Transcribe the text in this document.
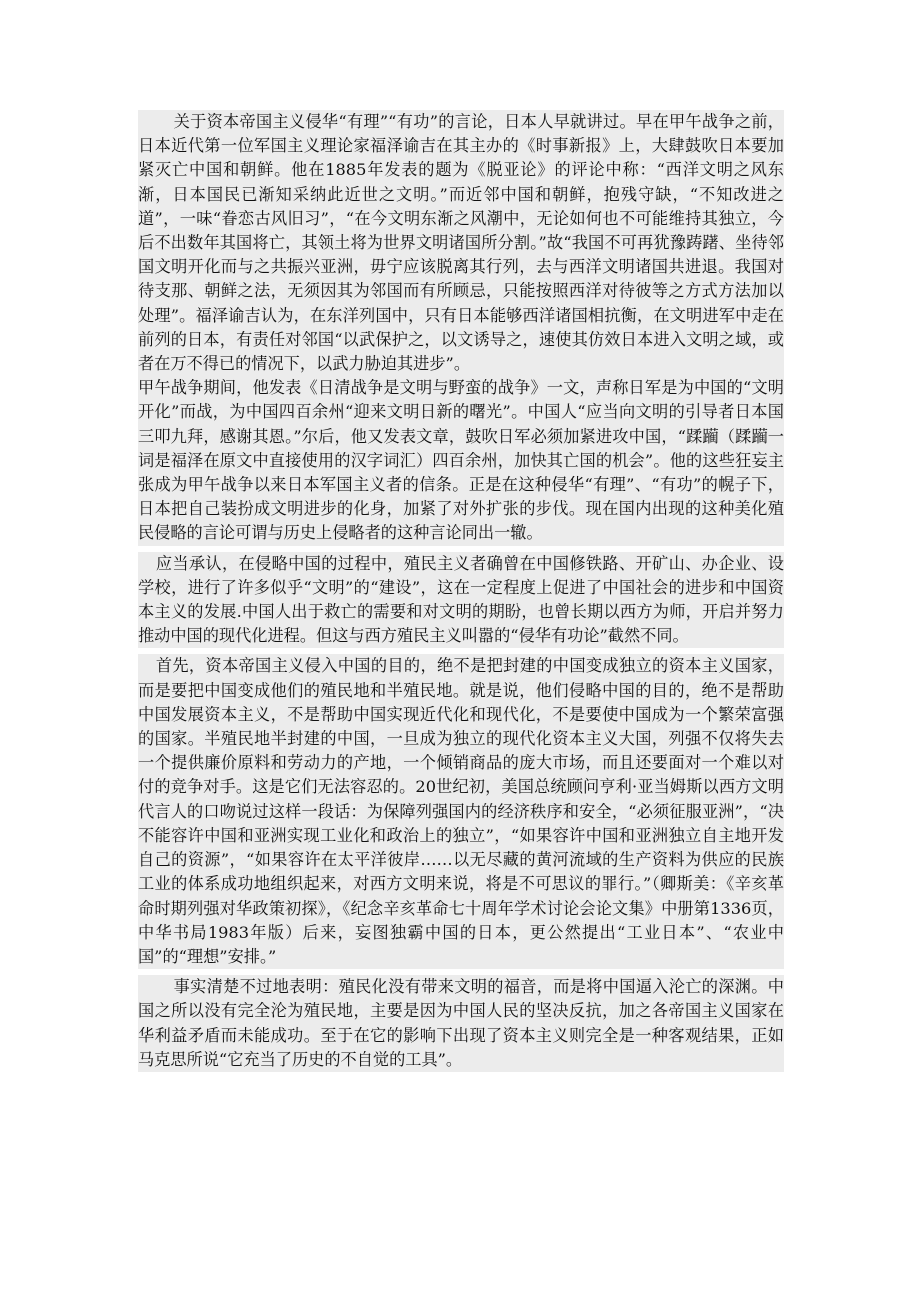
关于资本帝国主义侵华“有理”“有功”的言论，日本人早就讲过。早在甲午战争之前，日本近代第一位军国主义理论家福泽谕吉在其主办的《时事新报》上，大肆鼓吹日本要加紧灭亡中国和朝鲜。他在1885年发表的题为《脱亚论》的评论中称：“西洋文明之风东渐，日本国民已渐知采纳此近世之文明。”而近邻中国和朝鲜，抱残守缺，“不知改进之道”，一味“眷恋古风旧习”，“在今文明东渐之风潮中，无论如何也不可能维持其独立，今后不出数年其国将亡，其领土将为世界文明诸国所分割。”故“我国不可再犹豫踌躇、坐待邻国文明开化而与之共振兴亚洲，毋宁应该脱离其行列，去与西洋文明诸国共进退。我国对待支那、朝鲜之法，无须因其为邻国而有所顾忌，只能按照西洋对待彼等之方式方法加以处理”。福泽谕吉认为，在东洋列国中，只有日本能够西洋诸国相抗衡，在文明进军中走在前列的日本，有责任对邻国“以武保护之，以文诱导之，速使其仿效日本进入文明之域，或者在万不得已的情况下，以武力胁迫其进步”。

甲午战争期间，他发表《日清战争是文明与野蛮的战争》一文，声称日军是为中国的“文明开化”而战，为中国四百余州“迎来文明日新的曙光”。中国人“应当向文明的引导者日本国三叩九拜，感谢其恩。”尔后，他又发表文章，鼓吹日军必须加紧进攻中国，“蹂躏（蹂躏一词是福泽在原文中直接使用的汉字词汇）四百余州，加快其亡国的机会”。他的这些狂妄主张成为甲午战争以来日本军国主义者的信条。正是在这种侵华“有理”、“有功”的幌子下，日本把自己装扮成文明进步的化身，加紧了对外扩张的步伐。现在国内出现的这种美化殖民侵略的言论可谓与历史上侵略者的这种言论同出一辙。

应当承认，在侵略中国的过程中，殖民主义者确曾在中国修铁路、开矿山、办企业、设学校，进行了许多似乎“文明”的“建设”，这在一定程度上促进了中国社会的进步和中国资本主义的发展.中国人出于救亡的需要和对文明的期盼，也曾长期以西方为师，开启并努力推动中国的现代化进程。但这与西方殖民主义叫嚣的“侵华有功论”截然不同。

首先，资本帝国主义侵入中国的目的，绝不是把封建的中国变成独立的资本主义国家，而是要把中国变成他们的殖民地和半殖民地。就是说，他们侵略中国的目的，绝不是帮助中国发展资本主义，不是帮助中国实现近代化和现代化，不是要使中国成为一个繁荣富强的国家。半殖民地半封建的中国，一旦成为独立的现代化资本主义大国，列强不仅将失去一个提供廉价原料和劳动力的产地，一个倾销商品的庞大市场，而且还要面对一个难以对付的竞争对手。这是它们无法容忍的。20世纪初，美国总统顾问亨利·亚当姆斯以西方文明代言人的口吻说过这样一段话：为保障列强国内的经济秩序和安全，“必须征服亚洲”，“决不能容许中国和亚洲实现工业化和政治上的独立”，“如果容许中国和亚洲独立自主地开发自己的资源”，“如果容许在太平洋彼岸……以无尽藏的黄河流域的生产资料为供应的民族工业的体系成功地组织起来，对西方文明来说，将是不可思议的罪行。”（卿斯美：《辛亥革命时期列强对华政策初探》，《纪念辛亥革命七十周年学术讨论会论文集》中册第1336页，中华书局1983年版）后来，妄图独霸中国的日本，更公然提出“工业日本”、“农业中国”的“理想”安排。”

事实清楚不过地表明：殖民化没有带来文明的福音，而是将中国逼入沦亡的深渊。中国之所以没有完全沦为殖民地，主要是因为中国人民的坚决反抗，加之各帝国主义国家在华利益矛盾而未能成功。至于在它的影响下出现了资本主义则完全是一种客观结果，正如马克思所说“它充当了历史的不自觉的工具”。
